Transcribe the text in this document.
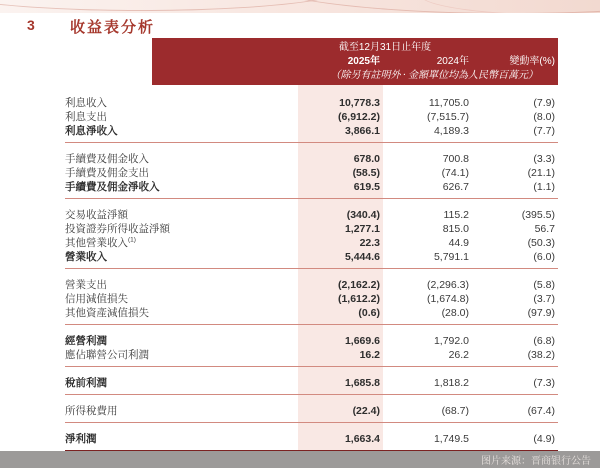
3 收益表分析
截至12月31日止年度
2025年	2024年	變動率(%)
（除另有註明外 · 金額單位均為人民幣百萬元）
利息收入	10,778.3	11,705.0	(7.9)
利息支出	(6,912.2)	(7,515.7)	(8.0)
利息淨收入	3,866.1	4,189.3	(7.7)
手續費及佣金收入	678.0	700.8	(3.3)
手續費及佣金支出	(58.5)	(74.1)	(21.1)
手續費及佣金淨收入	619.5	626.7	(1.1)
交易收益淨額	(340.4)	115.2	(395.5)
投資證券所得收益淨額	1,277.1	815.0	56.7
其他營業收入$^{(1)}$	22.3	44.9	(50.3)
營業收入	5,444.6	5,791.1	(6.0)
營業支出	(2,162.2)	(2,296.3)	(5.8)
信用減值損失	(1,612.2)	(1,674.8)	(3.7)
其他資產減值損失	(0.6)	(28.0)	(97.9)
經營利潤	1,669.6	1,792.0	(6.8)
應佔聯營公司利潤	16.2	26.2	(38.2)
稅前利潤	1,685.8	1,818.2	(7.3)
所得稅費用	(22.4)	(68.7)	(67.4)
淨利潤	1,663.4	1,749.5	(4.9)
图片来源：晋商银行公告
